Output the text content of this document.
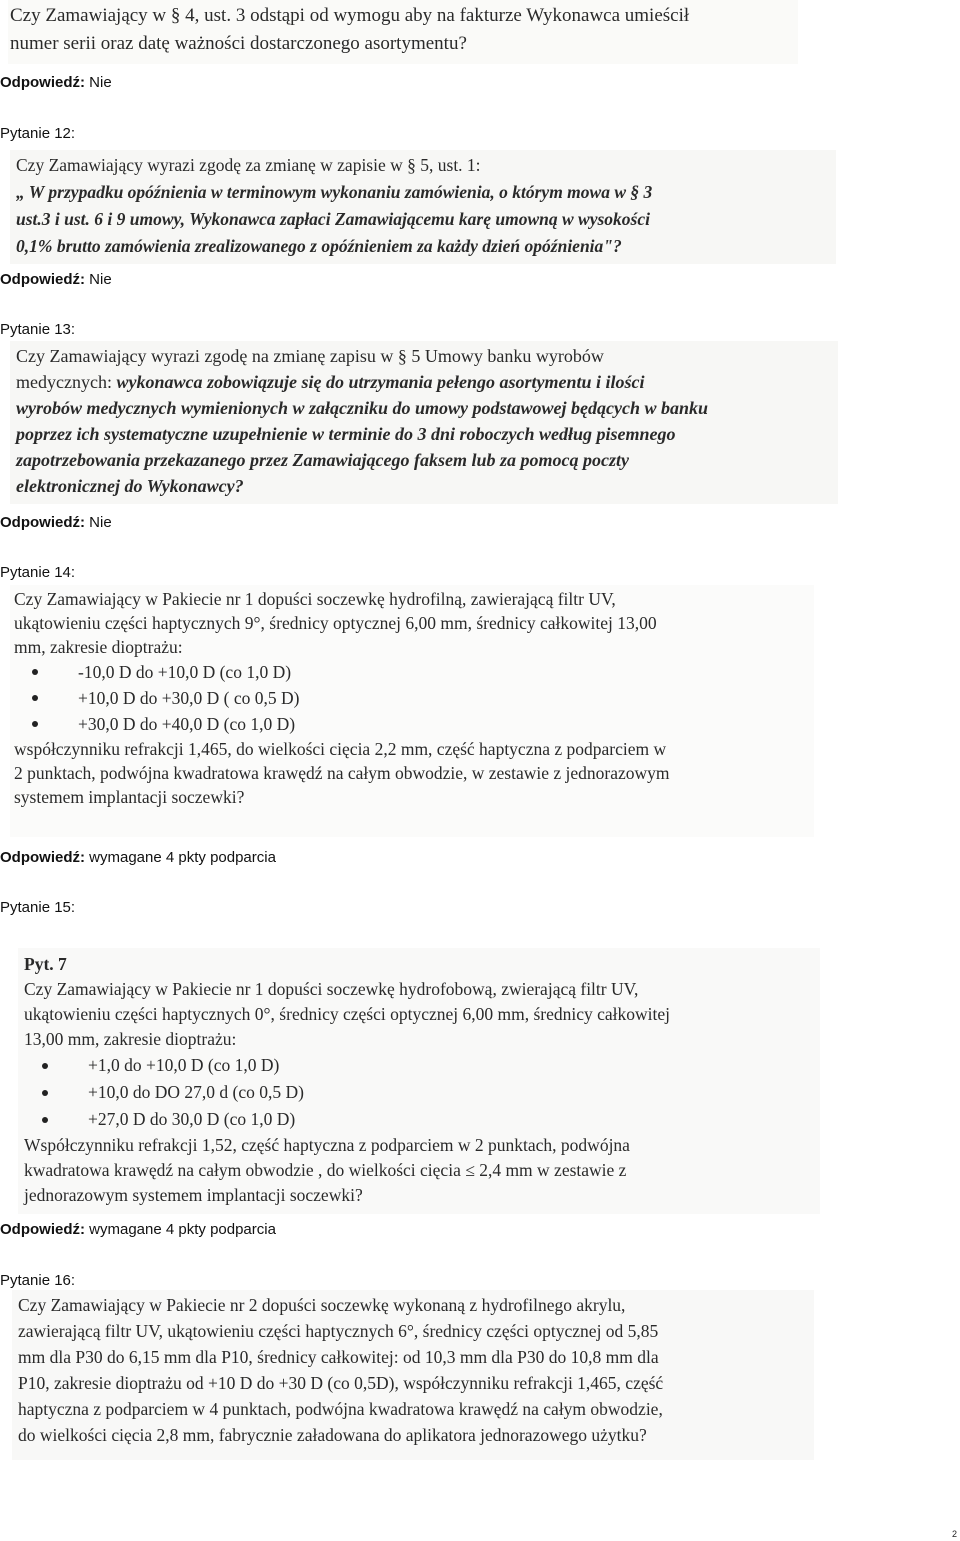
Czy Zamawiający w § 4, ust. 3 odstąpi od wymogu aby na fakturze Wykonawca umieścił
numer serii oraz datę ważności dostarczonego asortymentu?
Odpowiedź: Nie
Pytanie 12:
Czy Zamawiający wyrazi zgodę za zmianę w zapisie w § 5, ust. 1:
„ W przypadku opóźnienia w terminowym wykonaniu zamówienia, o którym mowa w § 3
ust.3 i ust. 6 i 9 umowy, Wykonawca zapłaci Zamawiającemu karę umowną w wysokości
0,1% brutto zamówienia zrealizowanego z opóźnieniem za każdy dzień opóźnienia"?
Odpowiedź: Nie
Pytanie 13:
Czy Zamawiający wyrazi zgodę na zmianę zapisu w § 5 Umowy banku wyrobów
medycznych: wykonawca zobowiązuje się do utrzymania pełengo asortymentu i ilości
wyrobów medycznych wymienionych w załączniku do umowy podstawowej będących w banku
poprzez ich systematyczne uzupełnienie w terminie do 3 dni roboczych według pisemnego
zapotrzebowania przekazanego przez Zamawiającego faksem lub za pomocą poczty
elektronicznej do Wykonawcy?
Odpowiedź: Nie
Pytanie 14:
Czy Zamawiający w Pakiecie nr 1 dopuści soczewkę hydrofilną, zawierającą filtr UV,
ukątowieniu części haptycznych 9°, średnicy optycznej 6,00 mm, średnicy całkowitej 13,00
mm, zakresie dioptrażu:
-10,0 D do +10,0 D (co 1,0 D)
+10,0 D do +30,0 D ( co 0,5 D)
+30,0 D do +40,0 D (co 1,0 D)
współczynniku refrakcji 1,465, do wielkości cięcia 2,2 mm, część haptyczna z podparciem w
2 punktach, podwójna kwadratowa krawędź na całym obwodzie, w zestawie z jednorazowym
systemem implantacji soczewki?
Odpowiedź: wymagane 4 pkty podparcia
Pytanie 15:
Pyt. 7
Czy Zamawiający w Pakiecie nr 1 dopuści soczewkę hydrofobową, zwierającą filtr UV,
ukątowieniu części haptycznych 0°, średnicy części optycznej 6,00 mm, średnicy całkowitej
13,00 mm, zakresie dioptrażu:
+1,0 do +10,0 D (co 1,0 D)
+10,0 do DO 27,0 d (co 0,5 D)
+27,0 D do 30,0 D (co 1,0 D)
Współczynniku refrakcji 1,52, część haptyczna z podparciem w 2 punktach, podwójna
kwadratowa krawędź na całym obwodzie , do wielkości cięcia ≤ 2,4 mm w zestawie z
jednorazowym systemem implantacji soczewki?
Odpowiedź: wymagane 4 pkty podparcia
Pytanie 16:
Czy Zamawiający w Pakiecie nr 2 dopuści soczewkę wykonaną z hydrofilnego akrylu,
zawierającą filtr UV, ukątowieniu części haptycznych 6°, średnicy części optycznej od 5,85
mm dla P30 do 6,15 mm dla P10, średnicy całkowitej: od 10,3 mm dla P30 do 10,8 mm dla
P10, zakresie dioptrażu od +10 D do +30 D (co 0,5D), współczynniku refrakcji 1,465, część
haptyczna z podparciem w 4 punktach, podwójna kwadratowa krawędź na całym obwodzie,
do wielkości cięcia 2,8 mm, fabrycznie załadowana do aplikatora jednorazowego użytku?
2
